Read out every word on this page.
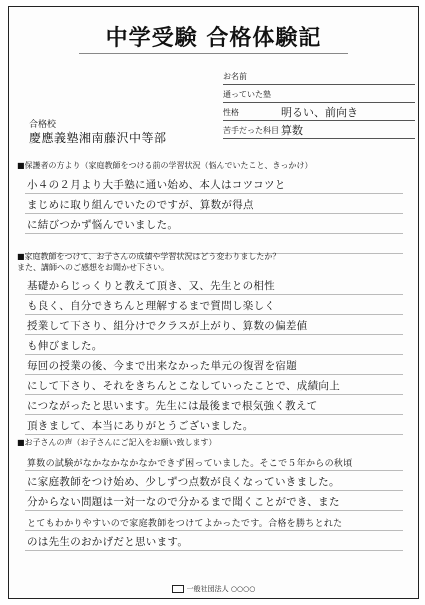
中学受験 合格体験記
お名前
通っていた塾
性格	明るい、前向き
苦手だった科目 算数
合格校
慶應義塾湘南藤沢中等部
■保護者の方より（家庭教師をつける前の学習状況（悩んでいたこと、きっかけ）
小４の２月より大手塾に通い始め、本人はコツコツと
まじめに取り組んでいたのですが、算数が得点
に結びつかず悩んでいました。
■家庭教師をつけて、お子さんの成績や学習状況はどう変わりましたか？
また、講師へのご感想をお聞かせ下さい。
基礎からじっくりと教えて頂き、又、先生との相性
も良く、自分できちんと理解するまで質問し楽しく
授業して下さり、組分けでクラスが上がり、算数の偏差値
も伸びました。
毎回の授業の後、今まで出来なかった単元の復習を宿題
にして下さり、それをきちんとこなしていったことで、成績向上
につながったと思います。先生には最後まで根気強く教えて
頂きまして、本当にありがとうございました。
■お子さんの声（お子さんにご記入をお願い致します）
算数の試験がなかなかなかなかできず困っていました。そこで５年からの秋頃
に家庭教師をつけ始め、少しずつ点数が良くなっていきました。
分からない問題は一対一なので分かるまで聞くことができ、また
とてもわかりやすいので家庭教師をつけてよかったです。合格を勝ちとれた
のは先生のおかげだと思います。
一般社団法人 ○○○○
